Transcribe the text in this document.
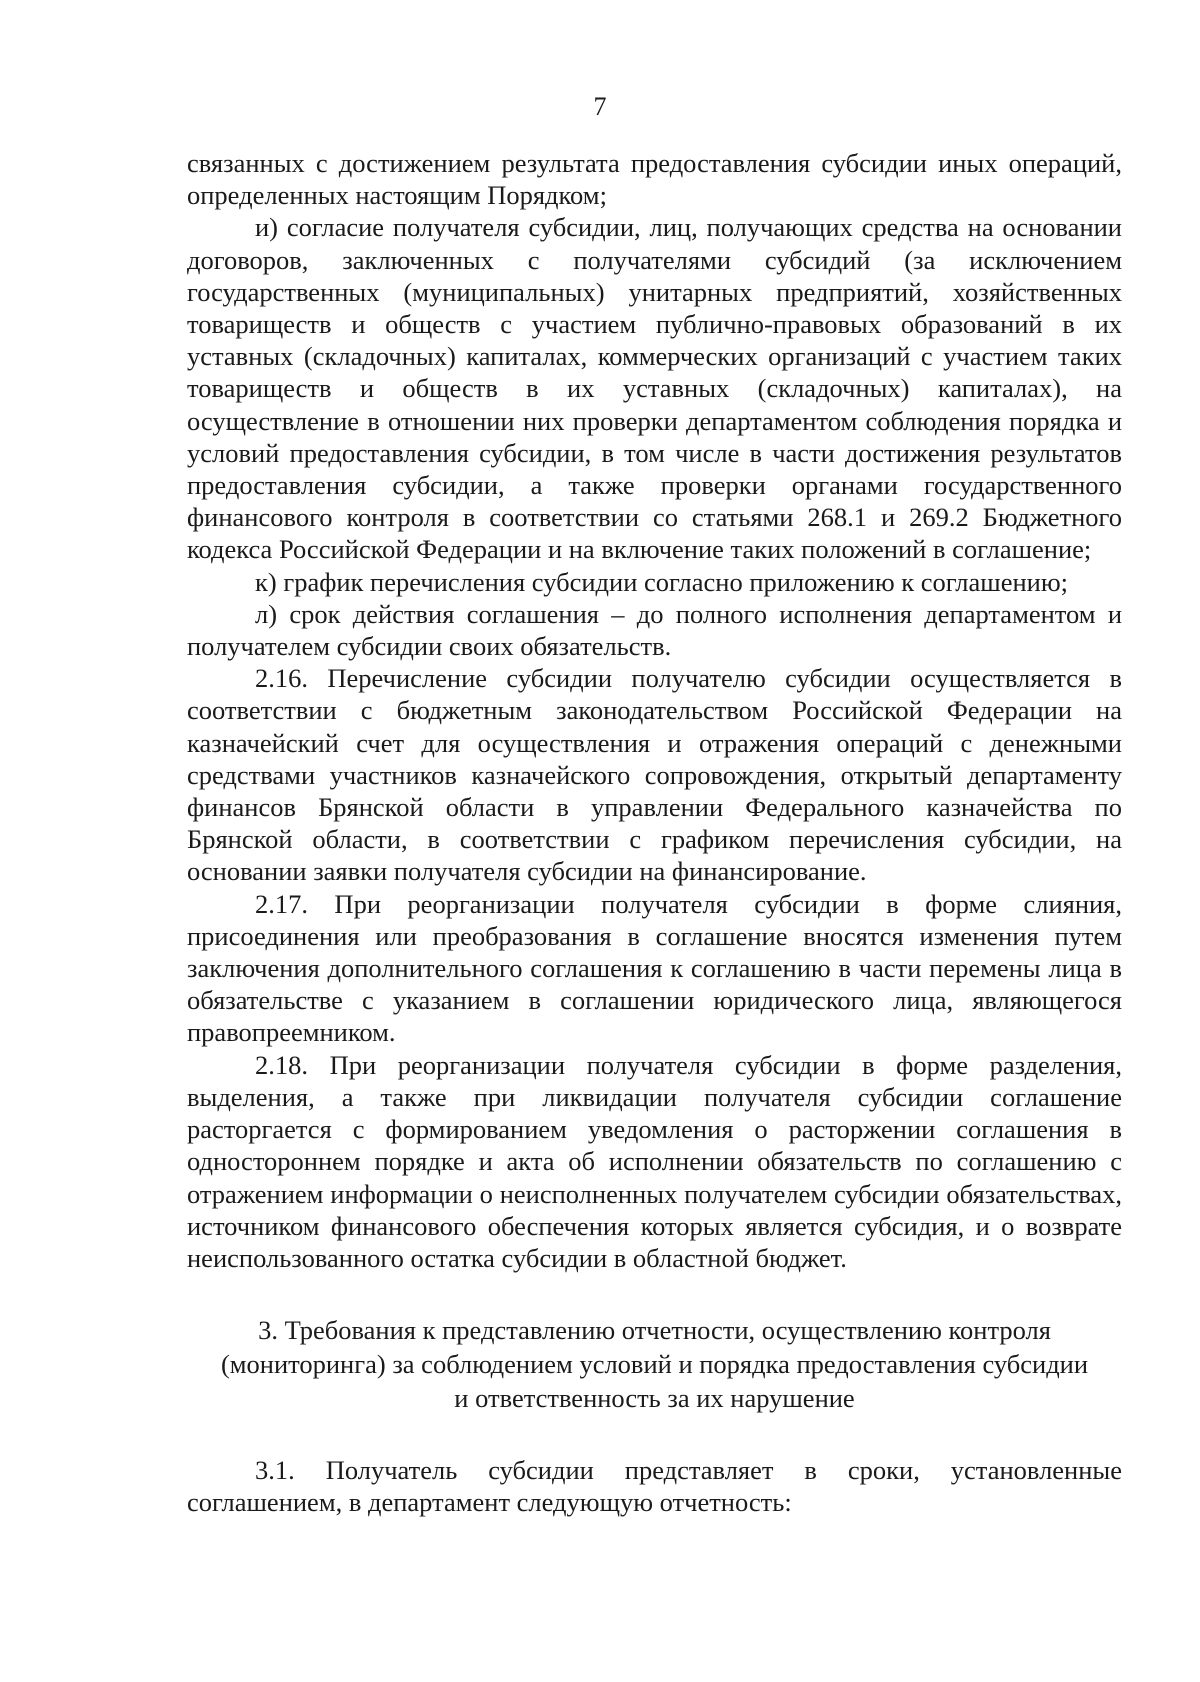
7

связанных с достижением результата предоставления субсидии иных операций, определенных настоящим Порядком;

и) согласие получателя субсидии, лиц, получающих средства на основании договоров, заключенных с получателями субсидий (за исключением государственных (муниципальных) унитарных предприятий, хозяйственных товариществ и обществ с участием публично-правовых образований в их уставных (складочных) капиталах, коммерческих организаций с участием таких товариществ и обществ в их уставных (складочных) капиталах), на осуществление в отношении них проверки департаментом соблюдения порядка и условий предоставления субсидии, в том числе в части достижения результатов предоставления субсидии, а также проверки органами государственного финансового контроля в соответствии со статьями 268.1 и 269.2 Бюджетного кодекса Российской Федерации и на включение таких положений в соглашение;

к) график перечисления субсидии согласно приложению к соглашению;

л) срок действия соглашения – до полного исполнения департаментом и получателем субсидии своих обязательств.

2.16. Перечисление субсидии получателю субсидии осуществляется в соответствии с бюджетным законодательством Российской Федерации на казначейский счет для осуществления и отражения операций с денежными средствами участников казначейского сопровождения, открытый департаменту финансов Брянской области в управлении Федерального казначейства по Брянской области, в соответствии с графиком перечисления субсидии, на основании заявки получателя субсидии на финансирование.

2.17. При реорганизации получателя субсидии в форме слияния, присоединения или преобразования в соглашение вносятся изменения путем заключения дополнительного соглашения к соглашению в части перемены лица в обязательстве с указанием в соглашении юридического лица, являющегося правопреемником.

2.18. При реорганизации получателя субсидии в форме разделения, выделения, а также при ликвидации получателя субсидии соглашение расторгается с формированием уведомления о расторжении соглашения в одностороннем порядке и акта об исполнении обязательств по соглашению с отражением информации о неисполненных получателем субсидии обязательствах, источником финансового обеспечения которых является субсидия, и о возврате неиспользованного остатка субсидии в областной бюджет.

3. Требования к представлению отчетности, осуществлению контроля
(мониторинга) за соблюдением условий и порядка предоставления субсидии
и ответственность за их нарушение

3.1. Получатель субсидии представляет в сроки, установленные соглашением, в департамент следующую отчетность:
